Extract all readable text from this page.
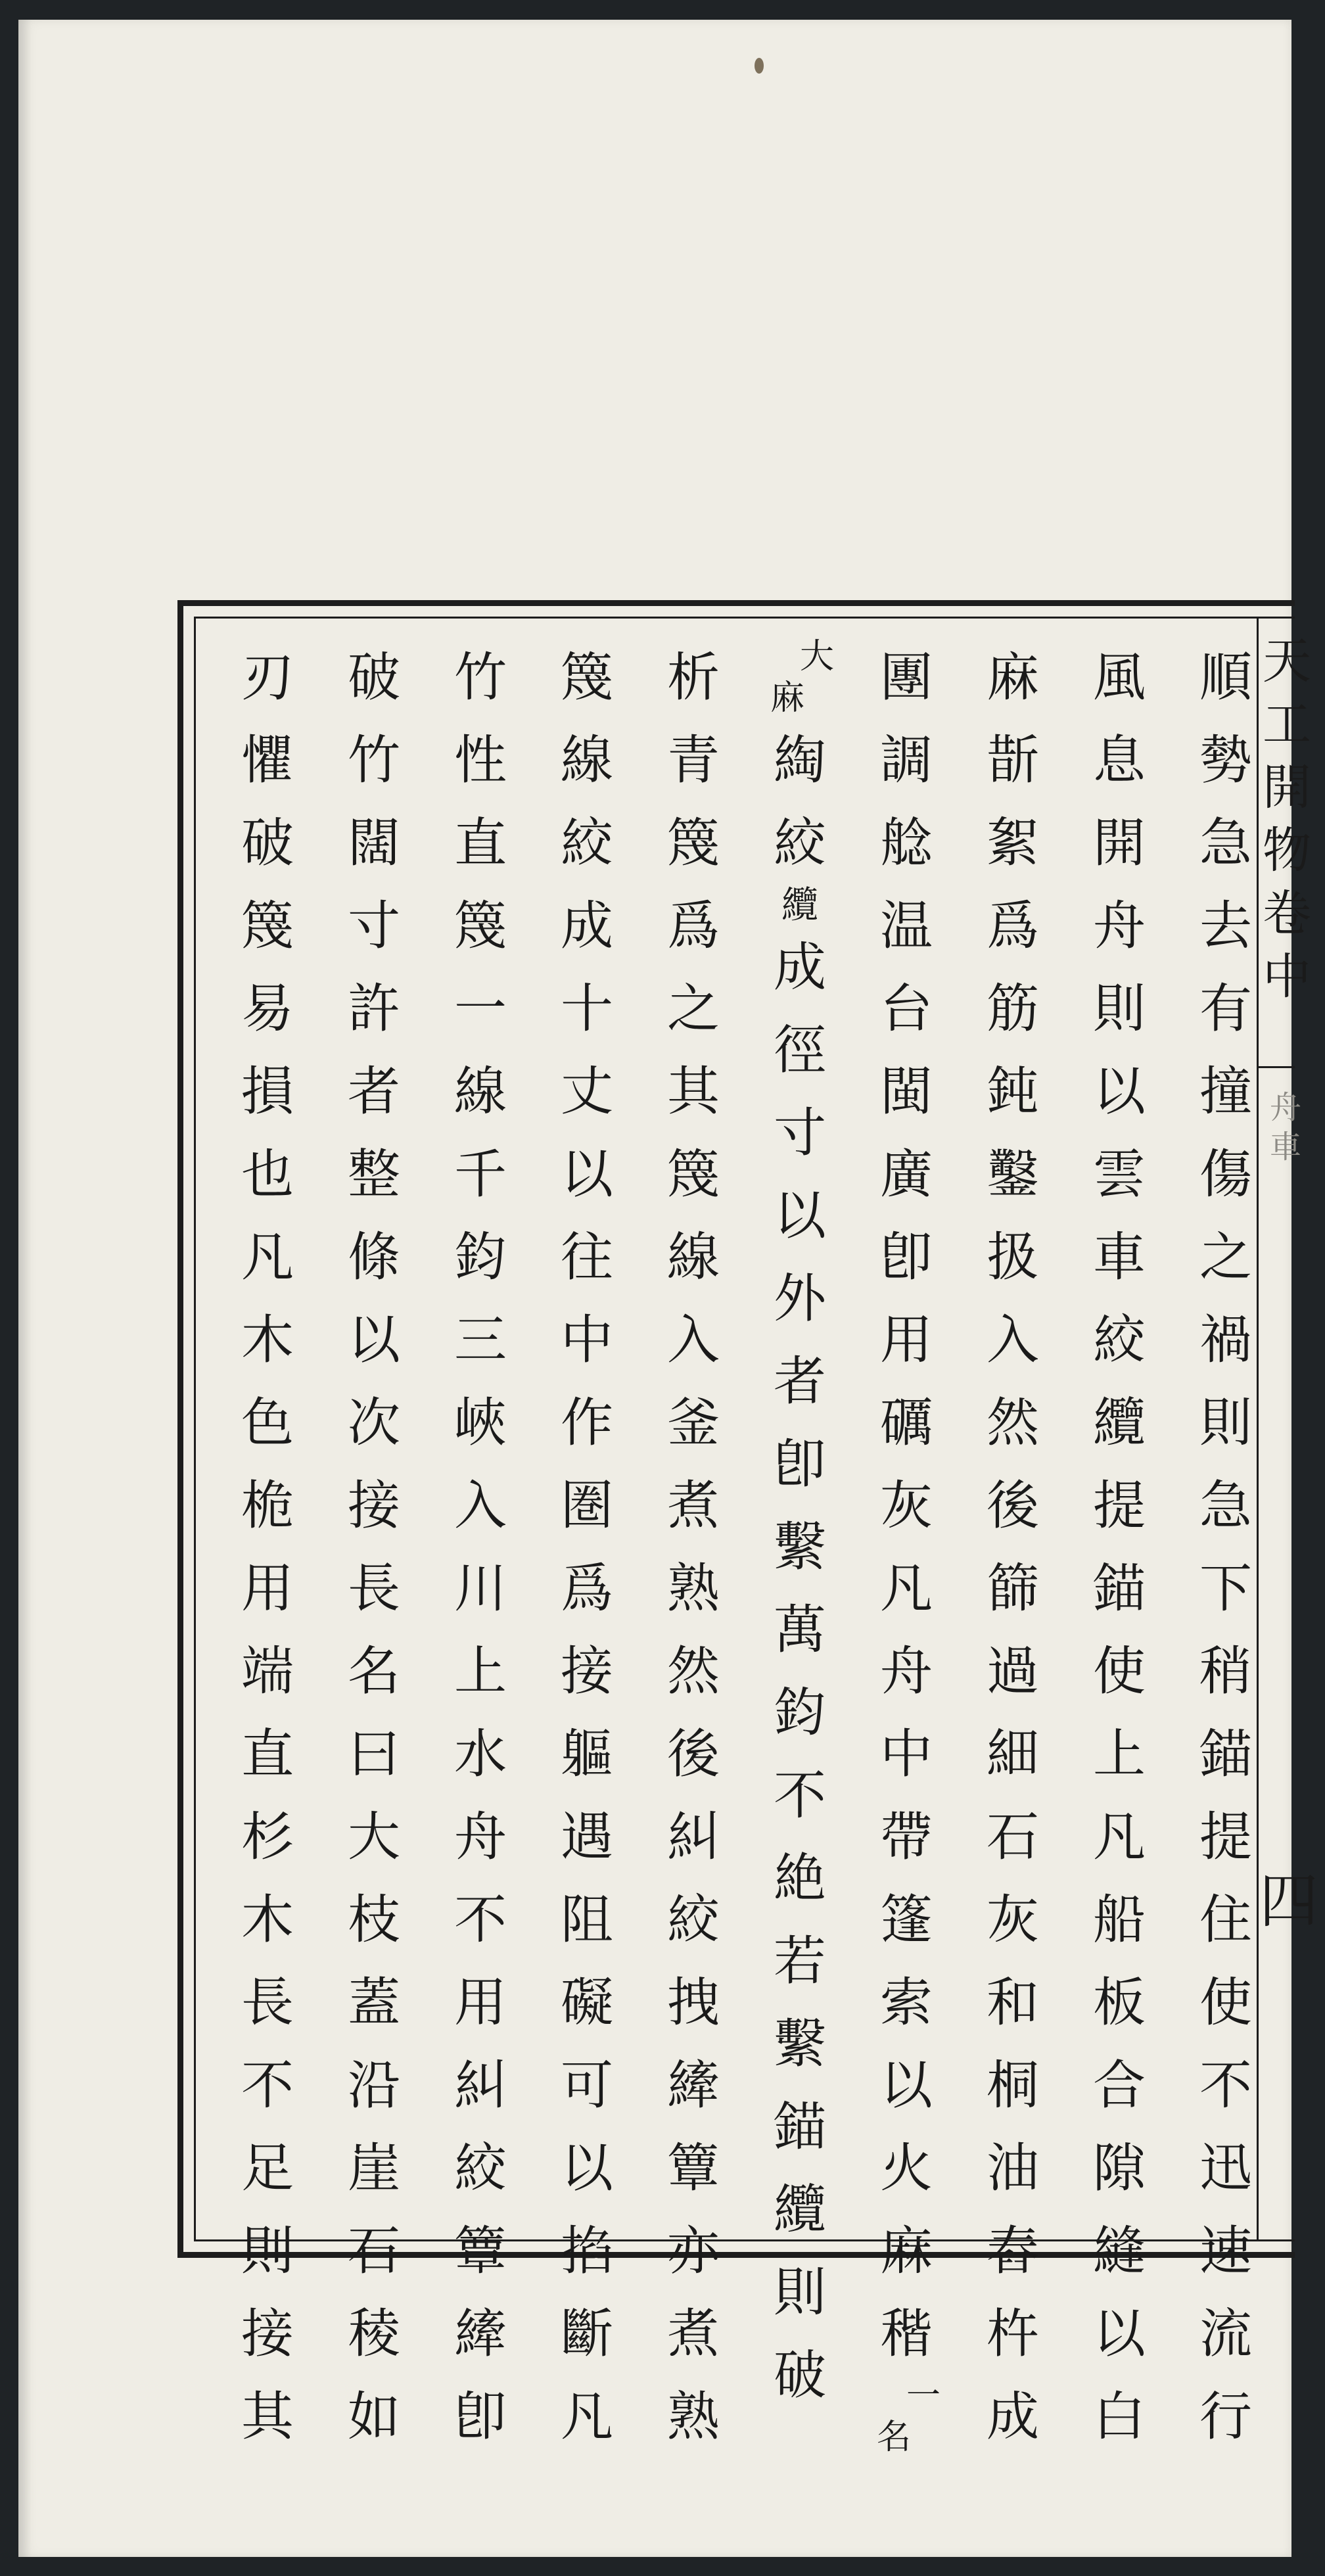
天
工
開
物
卷
中
舟
車
四
順
勢
急
去
有
撞
傷
之
禍
則
急
下
稍
錨
提
住
使
不
迅
速
流
行
風
息
開
舟
則
以
雲
車
絞
纜
提
錨
使
上
凡
船
板
合
隙
縫
以
白
麻
斮
絮
爲
筋
鈍
鑿
扱
入
然
後
篩
過
細
石
灰
和
桐
油
舂
杵
成
團
調
艌
温
台
閩
廣
卽
用
礪
灰
凡
舟
中
帶
篷
索
以
火
麻
稭
一
名
大
麻
綯
絞
纜
成
徑
寸
以
外
者
卽
繫
萬
鈞
不
絶
若
繫
錨
纜
則
破
析
青
篾
爲
之
其
篾
線
入
釜
煮
熟
然
後
糾
絞
拽
縴
簟
亦
煮
熟
篾
線
絞
成
十
丈
以
往
中
作
圏
爲
接
軀
遇
阻
礙
可
以
掐
斷
凡
竹
性
直
篾
一
線
千
鈞
三
峽
入
川
上
水
舟
不
用
糾
絞
簟
縴
卽
破
竹
闊
寸
許
者
整
條
以
次
接
長
名
曰
大
枝
蓋
沿
崖
石
稜
如
刃
懼
破
篾
易
損
也
凡
木
色
桅
用
端
直
杉
木
長
不
足
則
接
其
